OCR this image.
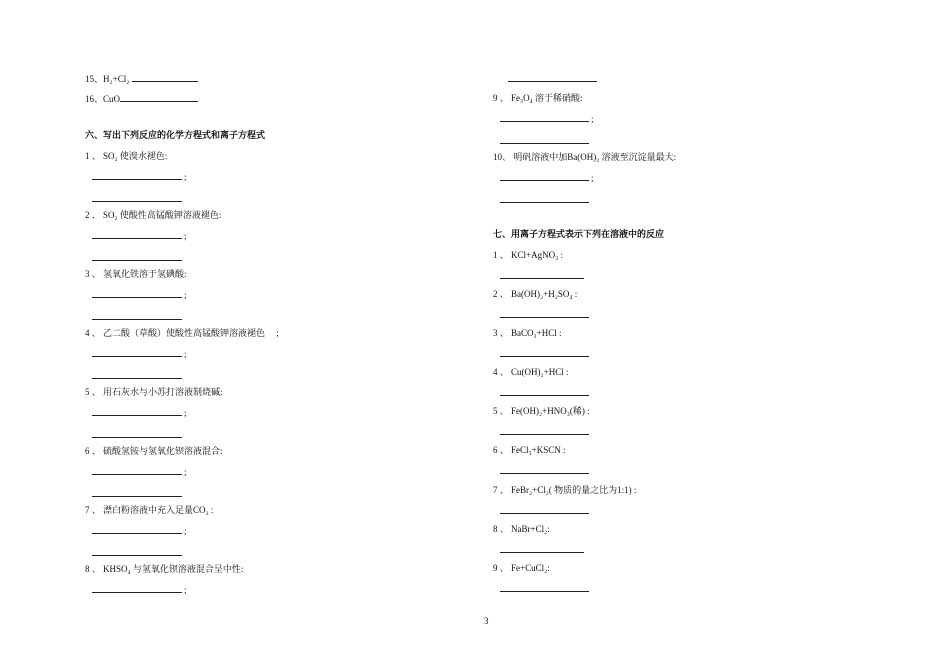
15、H₂+Cl₂
16、CuO
六、写出下列反应的化学方程式和离子方程式
1 、 SO₂ 使溴水褪色:
;
2 、 SO₂ 使酸性高锰酸钾溶液褪色:
;
3 、 氢氧化铁溶于氢碘酸:
;
4 、 乙二酸（草酸）使酸性高锰酸钾溶液褪色　 ;
;
5 、 用石灰水与小苏打溶液制烧碱:
;
6 、 硫酸氢铵与氢氧化钡溶液混合:
;
7 、 漂白粉溶液中充入足量CO₂ :
;
8 、 KHSO₄ 与氢氧化钡溶液混合呈中性:
;
9 、 Fe₃O₄ 溶于稀硝酸:
;
10、 明矾溶液中加Ba(OH)₂ 溶液至沉淀量最大:
;
七、用离子方程式表示下列在溶液中的反应
1 、 KCl+AgNO₃ :
2 、 Ba(OH)₂+H₂SO₄ :
3 、 BaCO₃+HCl :
4 、 Cu(OH)₂+HCl :
5 、 Fe(OH)₂+HNO₃(稀) :
6 、 FeCl₃+KSCN :
7 、 FeBr₂+Cl₂( 物质的量之比为1:1) :
8 、 NaBr+Cl₂:
9 、 Fe+CuCl₂:
3
